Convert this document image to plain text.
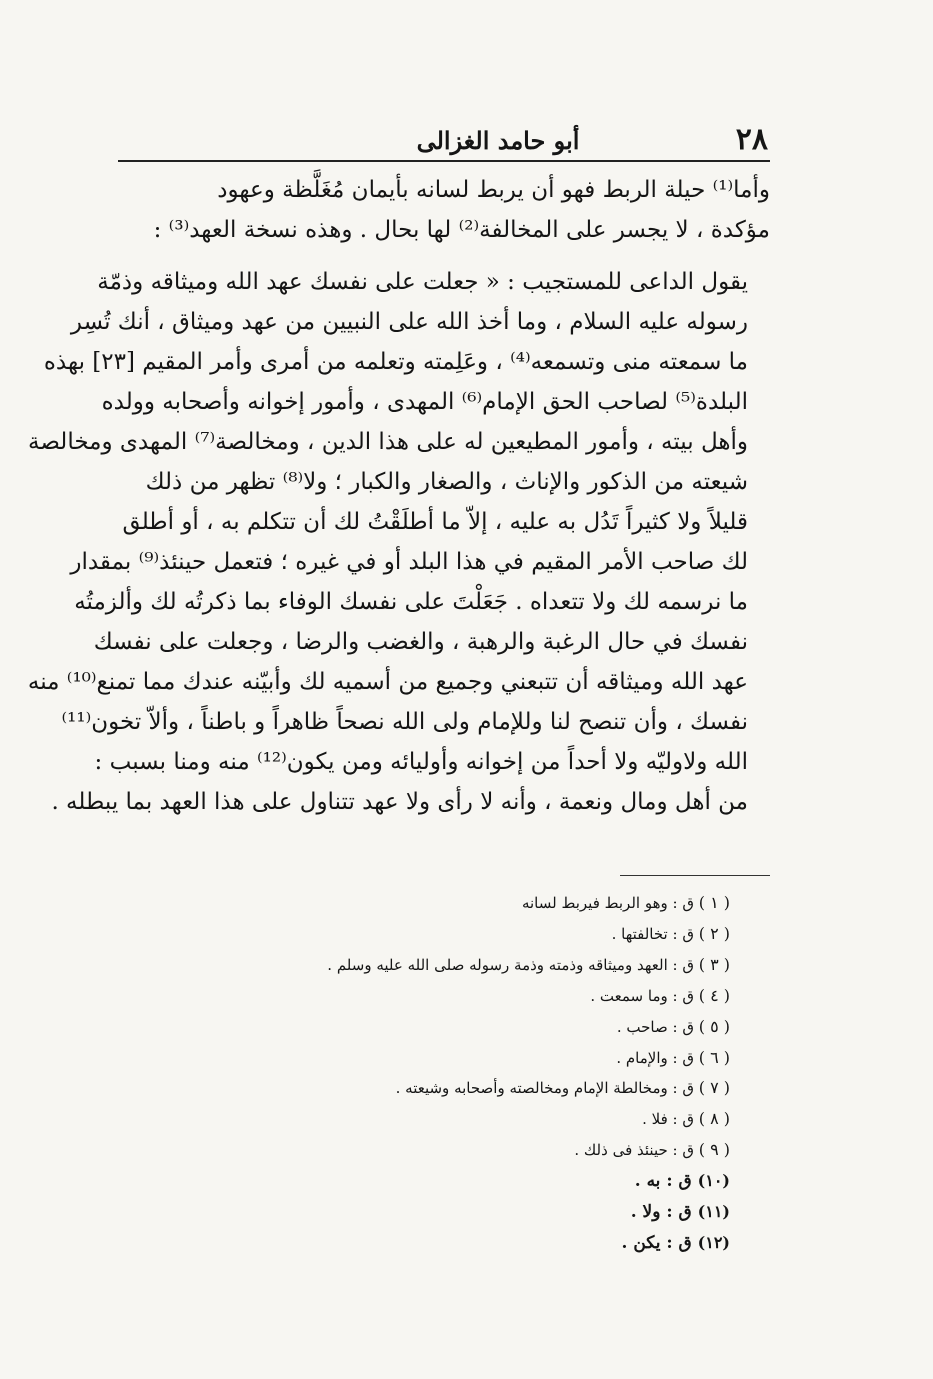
٢٨
أبو حامد الغزالى

وأما⁽¹⁾ حيلة الربط فهو أن يربط لسانه بأيمان مُغَلَّظة وعهود
مؤكدة ، لا يجسر على المخالفة⁽²⁾ لها بحال . وهذه نسخة العهد⁽³⁾ :

يقول الداعى للمستجيب : « جعلت على نفسك عهد الله وميثاقه وذمّة
رسوله عليه السلام ، وما أخذ الله على النبيين من عهد وميثاق ، أنك تُسِر
ما سمعته منى وتسمعه⁽⁴⁾ ، وعَلِمته وتعلمه من أمرى وأمر المقيم [٢٣] بهذه
البلدة⁽⁵⁾ لصاحب الحق الإمام⁽⁶⁾ المهدى ، وأمور إخوانه وأصحابه وولده
وأهل بيته ، وأمور المطيعين له على هذا الدين ، ومخالصة⁽⁷⁾ المهدى ومخالصة
شيعته من الذكور والإناث ، والصغار والكبار ؛ ولا⁽⁸⁾ تظهر من ذلك
قليلاً ولا كثيراً تَدُل به عليه ، إلاّ ما أطلَقْتُ لك أن تتكلم به ، أو أطلق
لك صاحب الأمر المقيم في هذا البلد أو في غيره ؛ فتعمل حينئذ⁽⁹⁾ بمقدار
ما نرسمه لك ولا تتعداه . جَعَلْتَ على نفسك الوفاء بما ذكرتُه لك وألزمتُه
نفسك في حال الرغبة والرهبة ، والغضب والرضا ، وجعلت على نفسك
عهد الله وميثاقه أن تتبعني وجميع من أسميه لك وأبيّنه عندك مما تمنع⁽¹⁰⁾ منه
نفسك ، وأن تنصح لنا وللإمام ولى الله نصحاً ظاهراً و باطناً ، وألاّ تخون⁽¹¹⁾
الله ولاوليّه ولا أحداً من إخوانه وأوليائه ومن يكون⁽¹²⁾ منه ومنا بسبب :
من أهل ومال ونعمة ، وأنه لا رأى ولا عهد تتناول على هذا العهد بما يبطله .

( ١ ) ق : وهو الربط فيربط لسانه
( ٢ ) ق : تخالفتها .
( ٣ ) ق : العهد وميثاقه وذمته وذمة رسوله صلى الله عليه وسلم .
( ٤ ) ق : وما سمعت .
( ٥ ) ق : صاحب .
( ٦ ) ق : والإمام .
( ٧ ) ق : ومخالطة الإمام ومخالصته وأصحابه وشيعته .
( ٨ ) ق : فلا .
( ٩ ) ق : حينئذ فى ذلك .
(١٠) ق : به .
(١١) ق : ولا .
(١٢) ق : يكن .
